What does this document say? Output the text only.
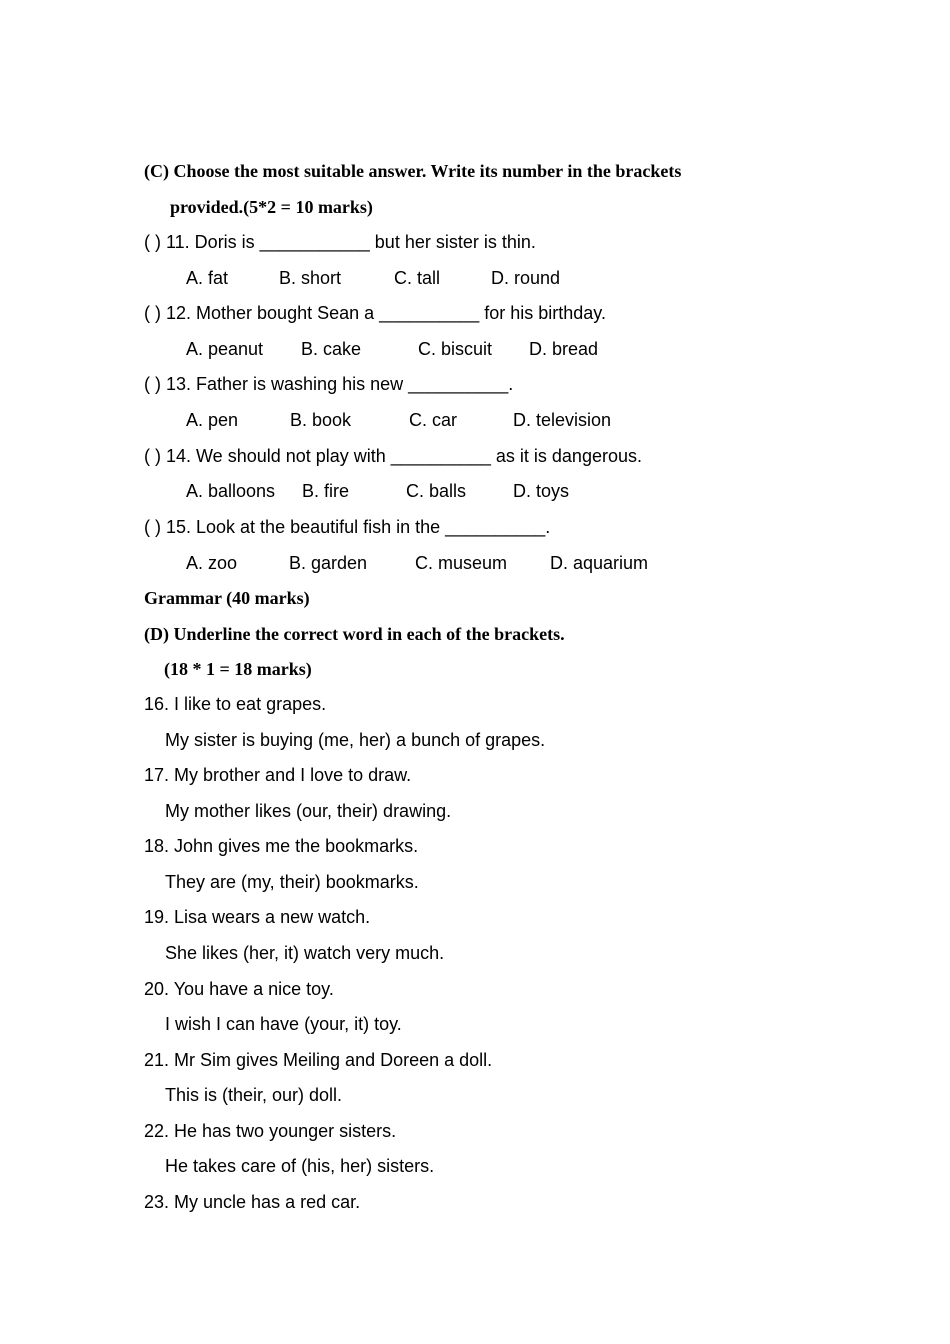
(C) Choose the most suitable answer. Write its number in the brackets

provided.(5*2 = 10 marks)

( ) 11. Doris is ___________ but her sister is thin.

A. fat	B. short	C. tall	D. round

( ) 12. Mother bought Sean a __________ for his birthday.

A. peanut B. cake	C. biscuit D. bread

( ) 13. Father is washing his new __________.

A. pen	B. book	C. car	D. television

( ) 14. We should not play with __________ as it is dangerous.

A. balloons B. fire	C. balls	D. toys

( ) 15. Look at the beautiful fish in the __________.

A. zoo	B. garden	C. museum D. aquarium

Grammar (40 marks)

(D) Underline the correct word in each of the brackets.

(18 * 1 = 18 marks)

16. I like to eat grapes.

My sister is buying (me, her) a bunch of grapes.

17. My brother and I love to draw.

My mother likes (our, their) drawing.

18. John gives me the bookmarks.

They are (my, their) bookmarks.

19. Lisa wears a new watch.

She likes (her, it) watch very much.

20. You have a nice toy.

I wish I can have (your, it) toy.

21. Mr Sim gives Meiling and Doreen a doll.

This is (their, our) doll.

22. He has two younger sisters.

He takes care of (his, her) sisters.

23. My uncle has a red car.
